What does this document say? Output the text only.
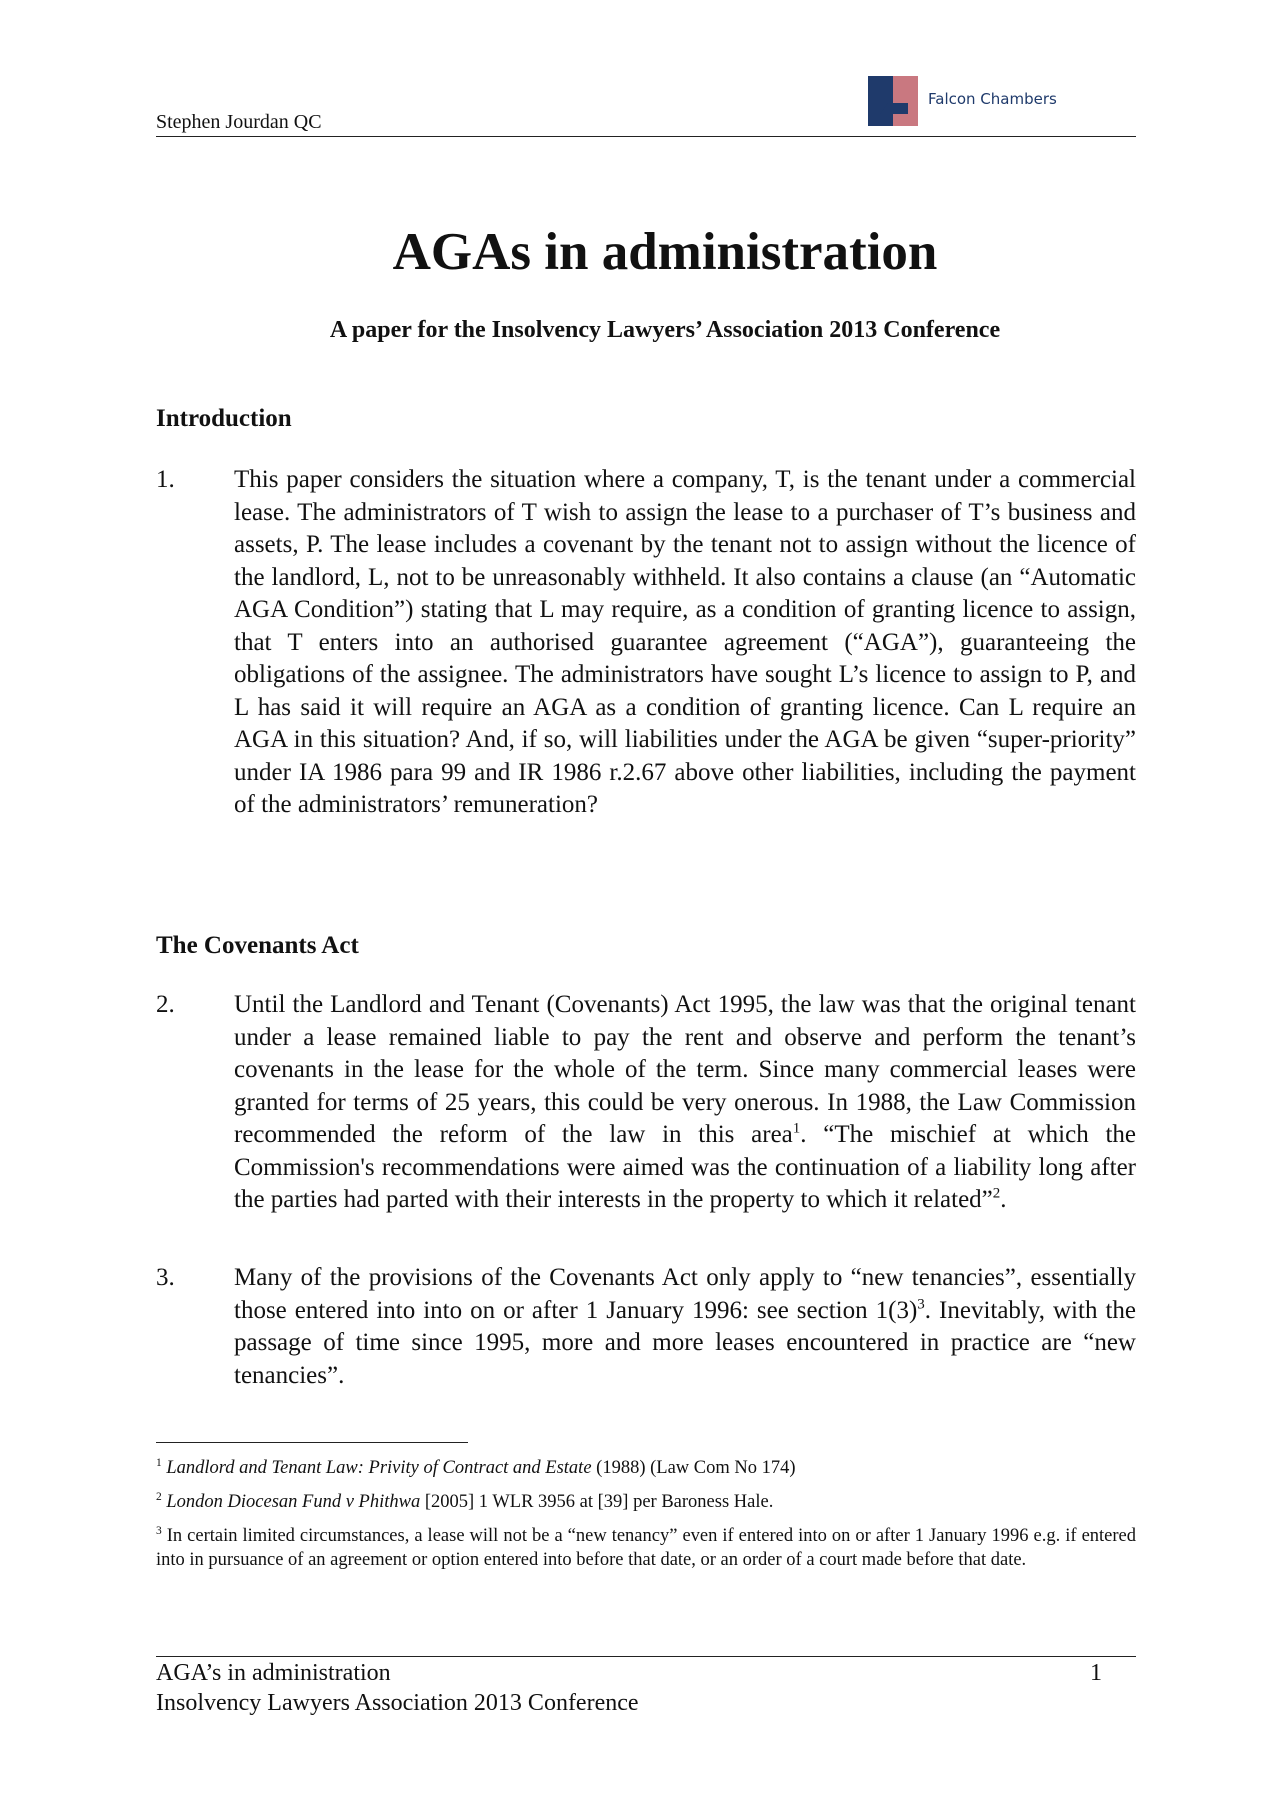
Stephen Jourdan QC
Falcon Chambers
AGAs in administration
A paper for the Insolvency Lawyers’ Association 2013 Conference
Introduction
1. This paper considers the situation where a company, T, is the tenant under a commercial lease. The administrators of T wish to assign the lease to a purchaser of T’s business and assets, P. The lease includes a covenant by the tenant not to assign without the licence of the landlord, L, not to be unreasonably withheld. It also contains a clause (an “Automatic AGA Condition”) stating that L may require, as a condition of granting licence to assign, that T enters into an authorised guarantee agreement (“AGA”), guaranteeing the obligations of the assignee. The administrators have sought L’s licence to assign to P, and L has said it will require an AGA as a condition of granting licence. Can L require an AGA in this situation? And, if so, will liabilities under the AGA be given “super-priority” under IA 1986 para 99 and IR 1986 r.2.67 above other liabilities, including the payment of the administrators’ remuneration?
The Covenants Act
2. Until the Landlord and Tenant (Covenants) Act 1995, the law was that the original tenant under a lease remained liable to pay the rent and observe and perform the tenant’s covenants in the lease for the whole of the term. Since many commercial leases were granted for terms of 25 years, this could be very onerous. In 1988, the Law Commission recommended the reform of the law in this area$^1$. “The mischief at which the Commission's recommendations were aimed was the continuation of a liability long after the parties had parted with their interests in the property to which it related”$^2$.
3. Many of the provisions of the Covenants Act only apply to “new tenancies”, essentially those entered into into on or after 1 January 1996: see section $1(3)^3$. Inevitably, with the passage of time since 1995, more and more leases encountered in practice are “new tenancies”.
$^1$ Landlord and Tenant Law: Privity of Contract and Estate (1988) (Law Com No 174)
$^2$ London Diocesan Fund v Phithwa [2005] 1 WLR 3956 at [39] per Baroness Hale.
$^3$ In certain limited circumstances, a lease will not be a “new tenancy” even if entered into on or after 1 January 1996 e.g. if entered into in pursuance of an agreement or option entered into before that date, or an order of a court made before that date.
AGA’s in administration	1
Insolvency Lawyers Association 2013 Conference
